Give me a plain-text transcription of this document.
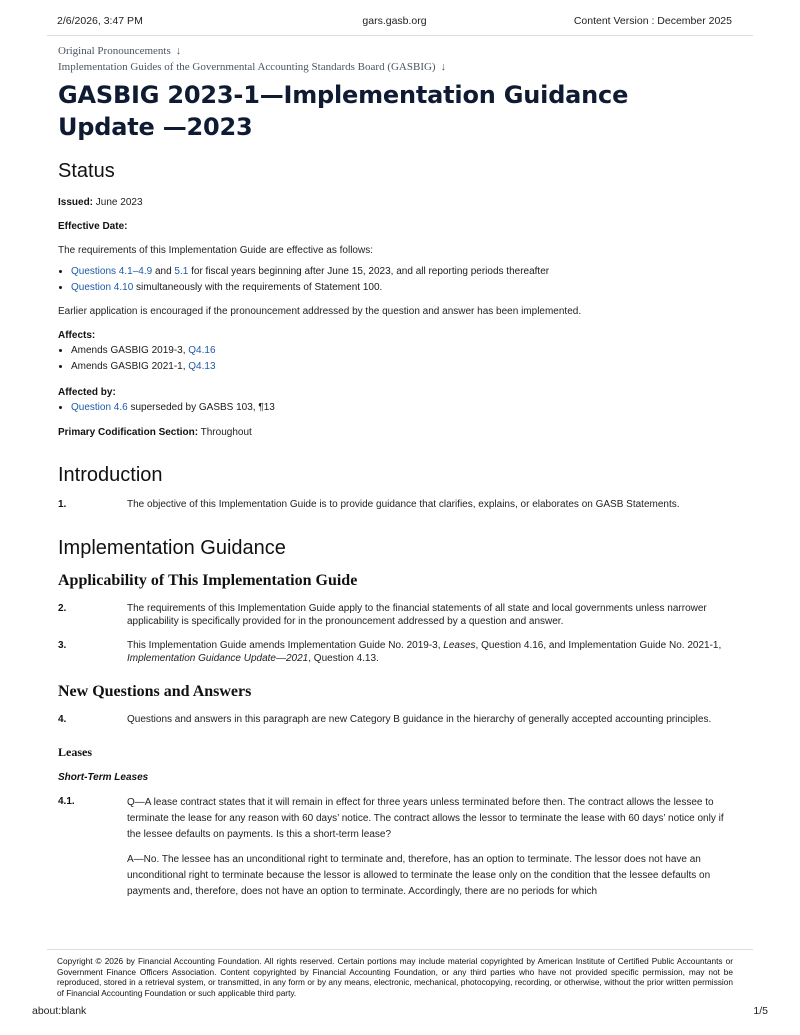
2/6/2026, 3:47 PM	gars.gasb.org	Content Version : December 2025
Original Pronouncements ↓
Implementation Guides of the Governmental Accounting Standards Board (GASBIG) ↓
GASBIG 2023-1—Implementation Guidance Update —2023
Status
Issued: June 2023
Effective Date:
The requirements of this Implementation Guide are effective as follows:
• Questions 4.1–4.9 and 5.1 for fiscal years beginning after June 15, 2023, and all reporting periods thereafter
• Question 4.10 simultaneously with the requirements of Statement 100.
Earlier application is encouraged if the pronouncement addressed by the question and answer has been implemented.
Affects:
• Amends GASBIG 2019-3, Q4.16
• Amends GASBIG 2021-1, Q4.13
Affected by:
• Question 4.6 superseded by GASBS 103, ¶13
Primary Codification Section: Throughout
Introduction
1.	The objective of this Implementation Guide is to provide guidance that clarifies, explains, or elaborates on GASB Statements.
Implementation Guidance
Applicability of This Implementation Guide
2.	The requirements of this Implementation Guide apply to the financial statements of all state and local governments unless narrower applicability is specifically provided for in the pronouncement addressed by a question and answer.
3.	This Implementation Guide amends Implementation Guide No. 2019-3, Leases, Question 4.16, and Implementation Guide No. 2021-1, Implementation Guidance Update—2021, Question 4.13.
New Questions and Answers
4.	Questions and answers in this paragraph are new Category B guidance in the hierarchy of generally accepted accounting principles.
Leases
Short-Term Leases
4.1.	Q—A lease contract states that it will remain in effect for three years unless terminated before then. The contract allows the lessee to terminate the lease for any reason with 60 days’ notice. The contract allows the lessor to terminate the lease with 60 days’ notice only if the lessee defaults on payments. Is this a short-term lease?
A—No. The lessee has an unconditional right to terminate and, therefore, has an option to terminate. The lessor does not have an unconditional right to terminate because the lessor is allowed to terminate the lease only on the condition that the lessee defaults on payments and, therefore, does not have an option to terminate. Accordingly, there are no periods for which
Copyright © 2026 by Financial Accounting Foundation. All rights reserved. Certain portions may include material copyrighted by American Institute of Certified Public Accountants or Government Finance Officers Association. Content copyrighted by Financial Accounting Foundation, or any third parties who have not provided specific permission, may not be reproduced, stored in a retrieval system, or transmitted, in any form or by any means, electronic, mechanical, photocopying, recording, or otherwise, without the prior written permission of Financial Accounting Foundation or such applicable third party.
about:blank	1/5
